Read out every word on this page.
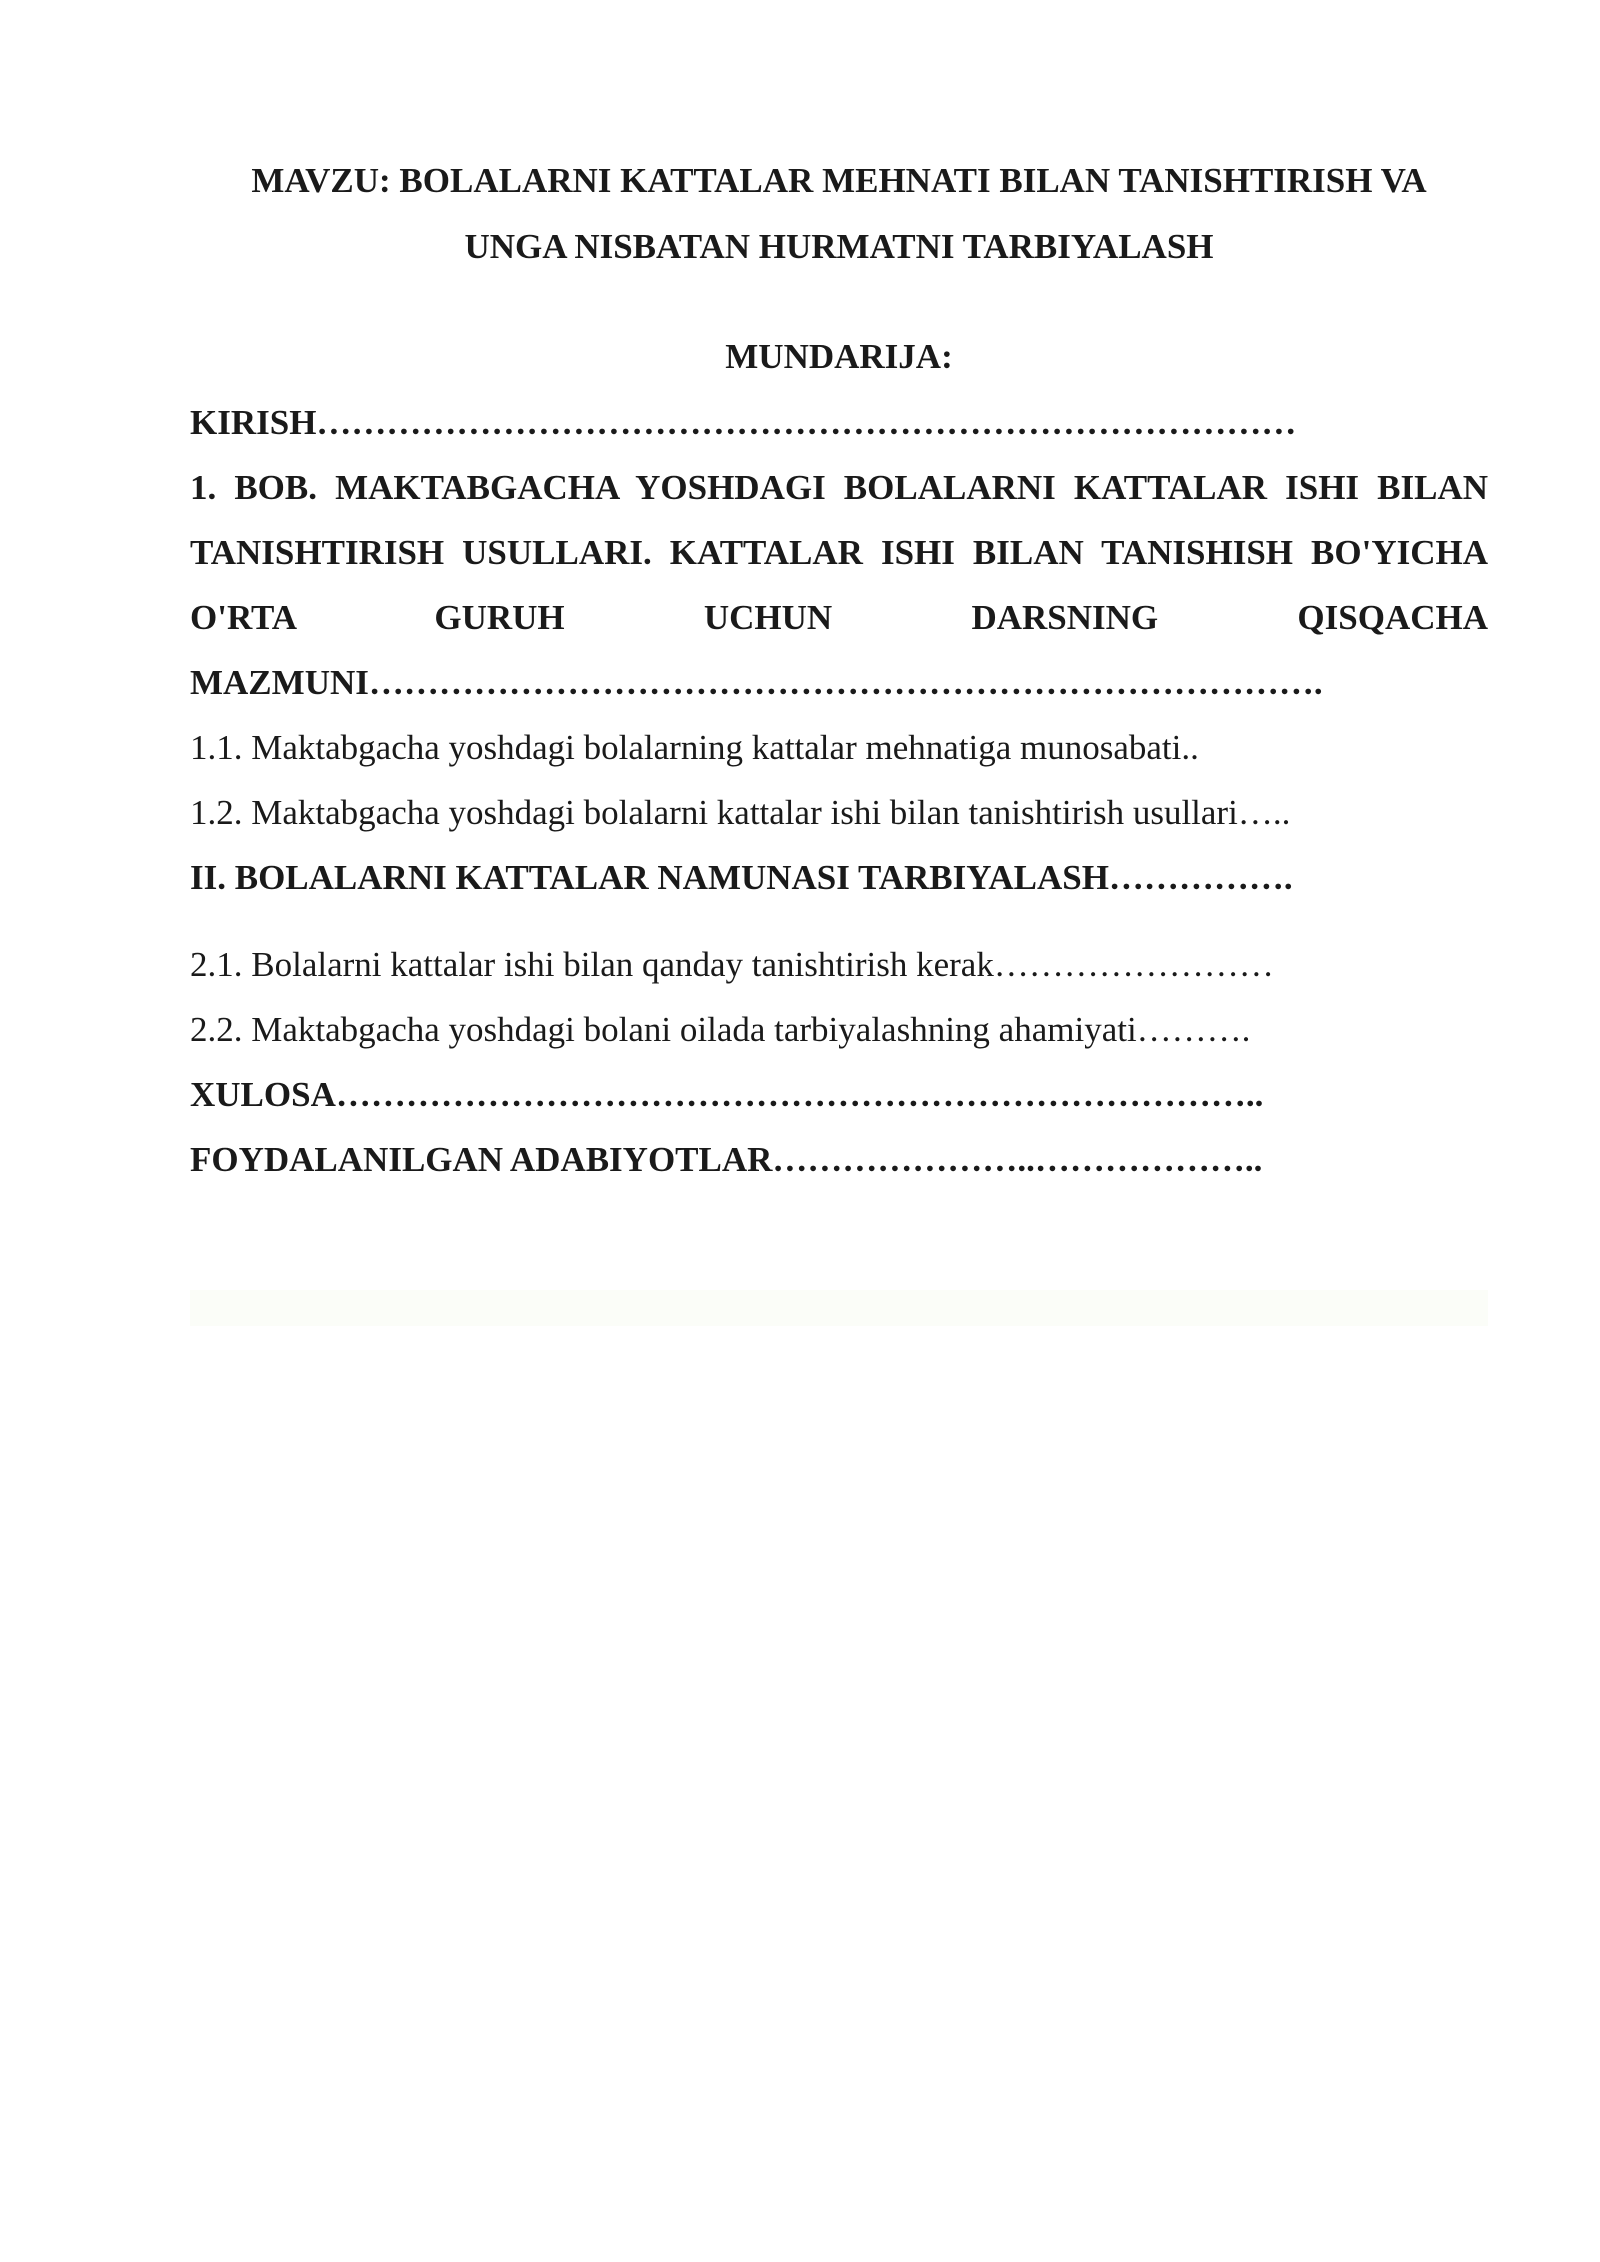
MAVZU: BOLALARNI KATTALAR MEHNATI BILAN TANISHTIRISH VA

UNGA NISBATAN HURMATNI TARBIYALASH

MUNDARIJA:

KIRISH…………………………………………………………………………

1. BOB. MAKTABGACHA YOSHDAGI BOLALARNI KATTALAR ISHI BILAN TANISHTIRISH USULLARI. KATTALAR ISHI BILAN TANISHISH BO'YICHA O'RTA GURUH UCHUN DARSNING QISQACHA MAZMUNI……………………………………………………………………….

1.1. Maktabgacha yoshdagi bolalarning kattalar mehnatiga munosabati..

1.2. Maktabgacha yoshdagi bolalarni kattalar ishi bilan tanishtirish usullari…..

II. BOLALARNI KATTALAR NAMUNASI TARBIYALASH…………….

2.1. Bolalarni kattalar ishi bilan qanday tanishtirish kerak……………………

2.2. Maktabgacha yoshdagi bolani oilada tarbiyalashning ahamiyati……….

XULOSA……………………………………………………………………..

FOYDALANILGAN ADABIYOTLAR…………………..………………..
